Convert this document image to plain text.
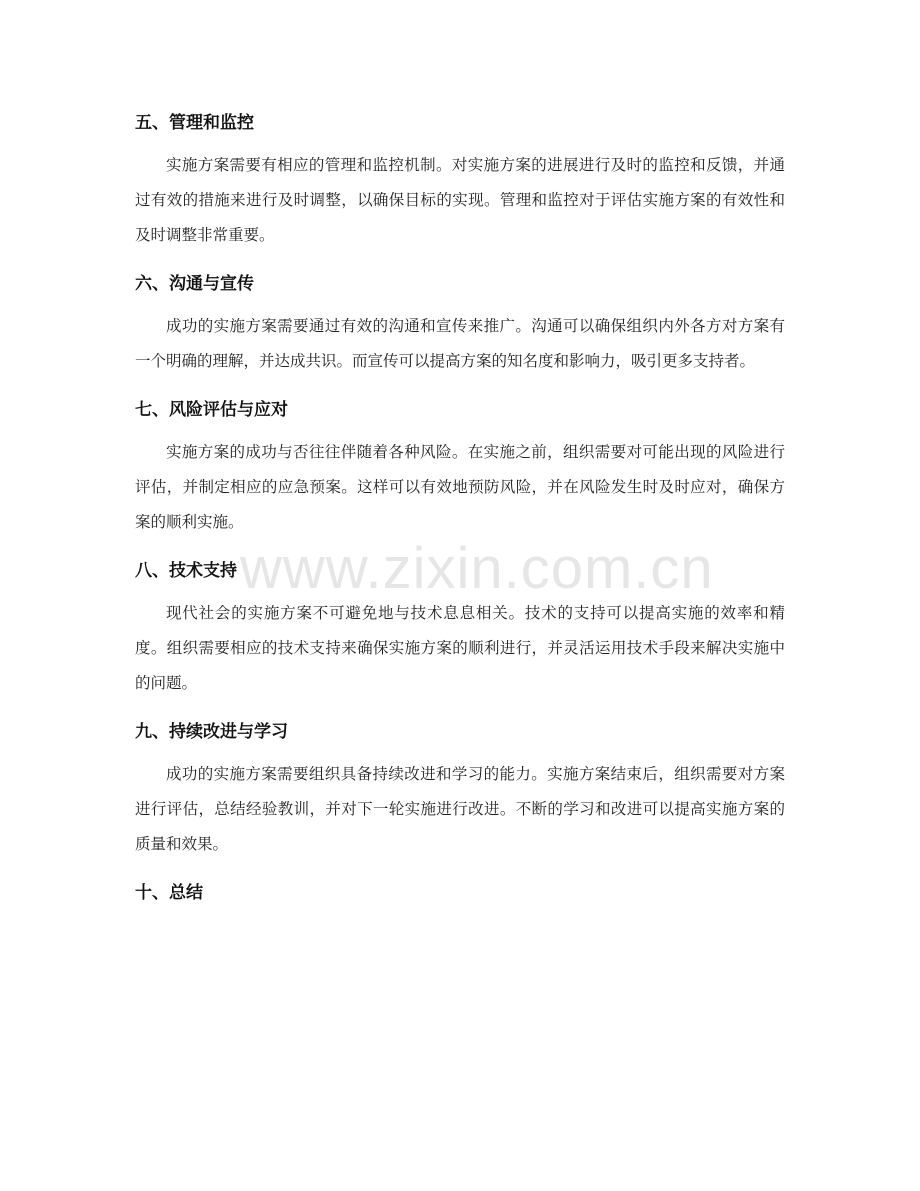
www.zixin.com.cn
五、管理和监控

实施方案需要有相应的管理和监控机制。对实施方案的进展进行及时的监控和反馈，并通过有效的措施来进行及时调整，以确保目标的实现。管理和监控对于评估实施方案的有效性和及时调整非常重要。

六、沟通与宣传

成功的实施方案需要通过有效的沟通和宣传来推广。沟通可以确保组织内外各方对方案有一个明确的理解，并达成共识。而宣传可以提高方案的知名度和影响力，吸引更多支持者。

七、风险评估与应对

实施方案的成功与否往往伴随着各种风险。在实施之前，组织需要对可能出现的风险进行评估，并制定相应的应急预案。这样可以有效地预防风险，并在风险发生时及时应对，确保方案的顺利实施。

八、技术支持

现代社会的实施方案不可避免地与技术息息相关。技术的支持可以提高实施的效率和精度。组织需要相应的技术支持来确保实施方案的顺利进行，并灵活运用技术手段来解决实施中的问题。

九、持续改进与学习

成功的实施方案需要组织具备持续改进和学习的能力。实施方案结束后，组织需要对方案进行评估，总结经验教训，并对下一轮实施进行改进。不断的学习和改进可以提高实施方案的质量和效果。

十、总结
